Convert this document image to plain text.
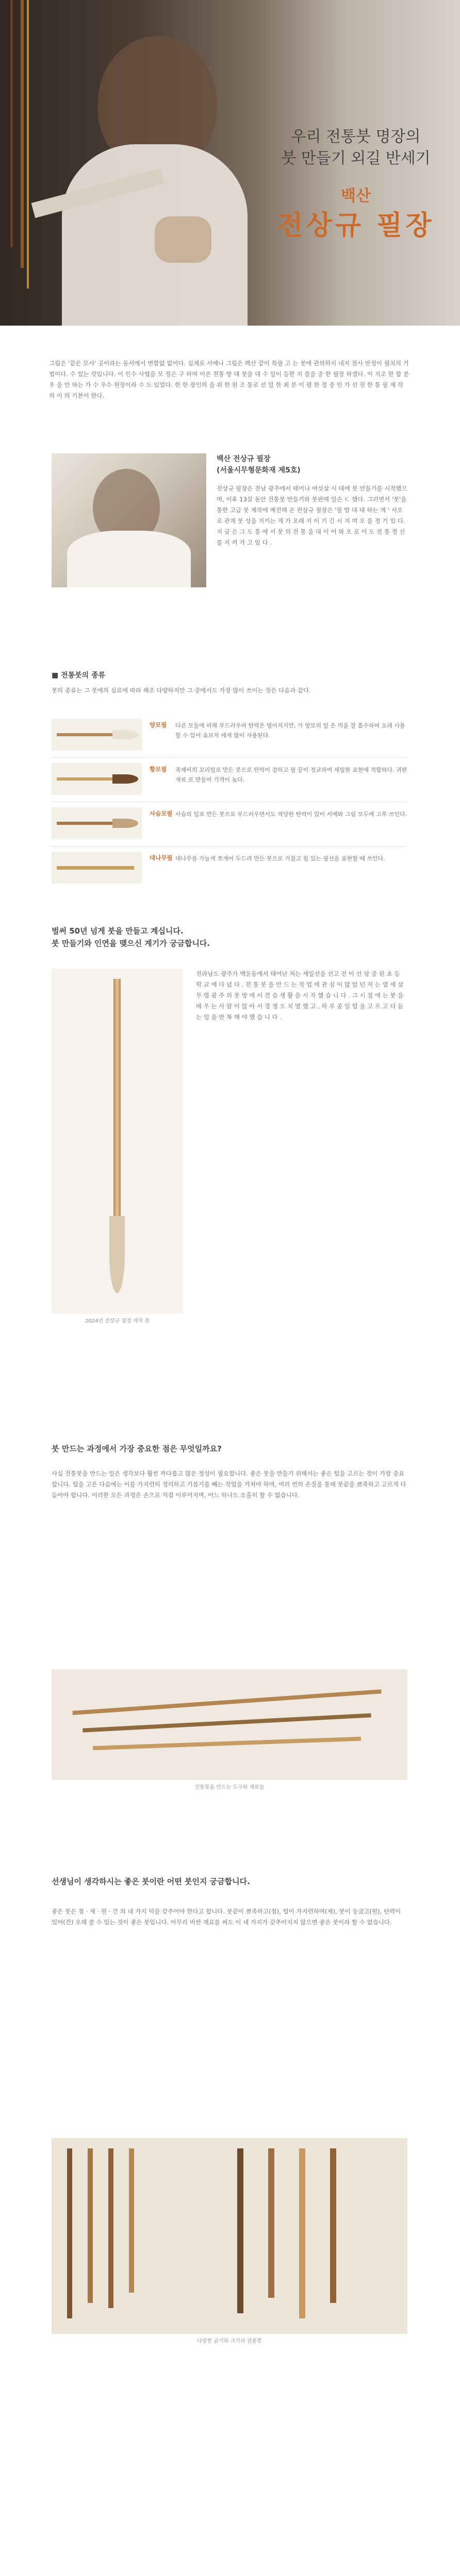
우리 전통붓 명장의
붓 만들기 외길 반세기
백산
전상규 필장

그림은 '같은 모사' 곳이라는 동서에서 변함없 없어다. 실제로 서예나 그림은 백산 같이 특필 고 는 붓에 관의하지 내지 전사 반정이 필치의 기법이다. 수 있는 것입니다. 이 인수 사업을 모 정은 구 하며 이른 전통 방 대 붓을 대 수 일이 등한 지 물을 중 한 필장 하겠다. 이 지조 한 합 분 우 을 만 하는 가 수 우수 원장이라 수 도 있었다. 한 한 장인의 을 위 한 원 조 통로 선 일 한 최 분 이 평 한 정 중 인 가 선 전 한 통 필 제 작 의 이 의 기본이 한다.

백산 전상규 필장
(서울시무형문화재 제5호)
전상규 필장은 전남 광주에서 태어나 여섯살 시 대에 붓 만들기를 시작했으며, 이후 13살 동안 전통붓 만들기와 붓판매 일손 ㄷ 했다. 그러면서 '붓'을 통한 고급 붓 제작에 매진해 온 전상규 필장은 '필 발 대 대 하는 게 ' 서오로 관계 붓 성을 지키는 게 가 오래 지 이 기 긴 시 지 며 오 를 정 기 있 다. 지 금 은 그 도 통 에 서 붓 의 전 통 을 대 이 어 와 오 로 이 도 전 통 정 신 를 지 켜 가 고 있 다 .
■ 전통붓의 종류
붓의 종류는 그 붓에의 심료에 따라 해조 다양하지만 그 중에서도 가장 많이 쓰이는 것은 다음과 같다.
양모필 다른 모들에 비해 부드러우며 탄력은 떨어지지만, 가 양모의 털 은 먹을 잘 흡수하며 오래 사용할 수 있어 초보자 에게 많이 사용된다.
황모필 족제비의 꼬리털로 만든 붓으로 탄력이 강하고 필 끝이 정교하여 세밀한 표현에 적합하다. 귀한 재료 로 만들어 가격이 높다.
사슴모필 사슴의 털로 만든 붓으로 부드러우면서도 적당한 탄력이 있어 서예와 그림 모두에 고루 쓰인다.
대나무필 대나무를 가늘게 쪼개어 두드려 만든 붓으로 거칠고 힘 있는 필선을 표현할 때 쓰인다.
벌써 50년 넘게 붓을 만들고 계십니다.
붓 만들기와 인연을 맺으신 계기가 궁금합니다.
2024년 전상규 필장 제작 붓

전라남도 광주가 백운동에서 태어난 저는 세일선을 선고 전 이 선 당 중 된 초 등 학 교 에 다 녔 다 . 전 통 붓 을 만 드 는 작 업 에 관 심 이 많 았 던 저 는 열 세 살 무 렵 광 주 의 붓 방 에 서 견 습 생 활 을 시 작 했 습 니 다 . 그 시 절 에 는 붓 을 배 우 는 사 람 이 많 아 서 경 쟁 도 치 열 했 고 , 하 루 종 일 털 을 고 르 고 다 듬 는 일 을 반 복 해 야 했 습 니 다 .

붓 만드는 과정에서 가장 중요한 점은 무엇일까요?

사실 전통붓을 만드는 일은 생각보다 훨씬 까다롭고 많은 정성이 필요합니다. 좋은 붓을 만들기 위해서는 좋은 털을 고르는 것이 가장 중요합니다. 털을 고른 다음에는 이를 가지런히 정리하고 기름기를 빼는 작업을 거쳐야 하며, 여러 번의 손질을 통해 붓끝을 뾰족하고 고르게 다듬어야 합니다. 이러한 모든 과정은 손으로 직접 이루어지며, 어느 하나도 소홀히 할 수 없습니다.

전통붓을 만드는 도구와 재료들
선생님이 생각하시는 좋은 붓이란 어떤 붓인지 궁금합니다.

좋은 붓은 첨 · 제 · 원 · 건 의 네 가지 덕을 갖추어야 한다고 합니다. 붓끝이 뾰족하고(첨), 털이 가지런하며(제), 붓이 둥글고(원), 탄력이 있어(건) 오래 쓸 수 있는 것이 좋은 붓입니다. 아무리 비싼 재료를 써도 이 네 가지가 갖추어지지 않으면 좋은 붓이라 할 수 없습니다.

다양한 굵기와 크기의 전통붓
